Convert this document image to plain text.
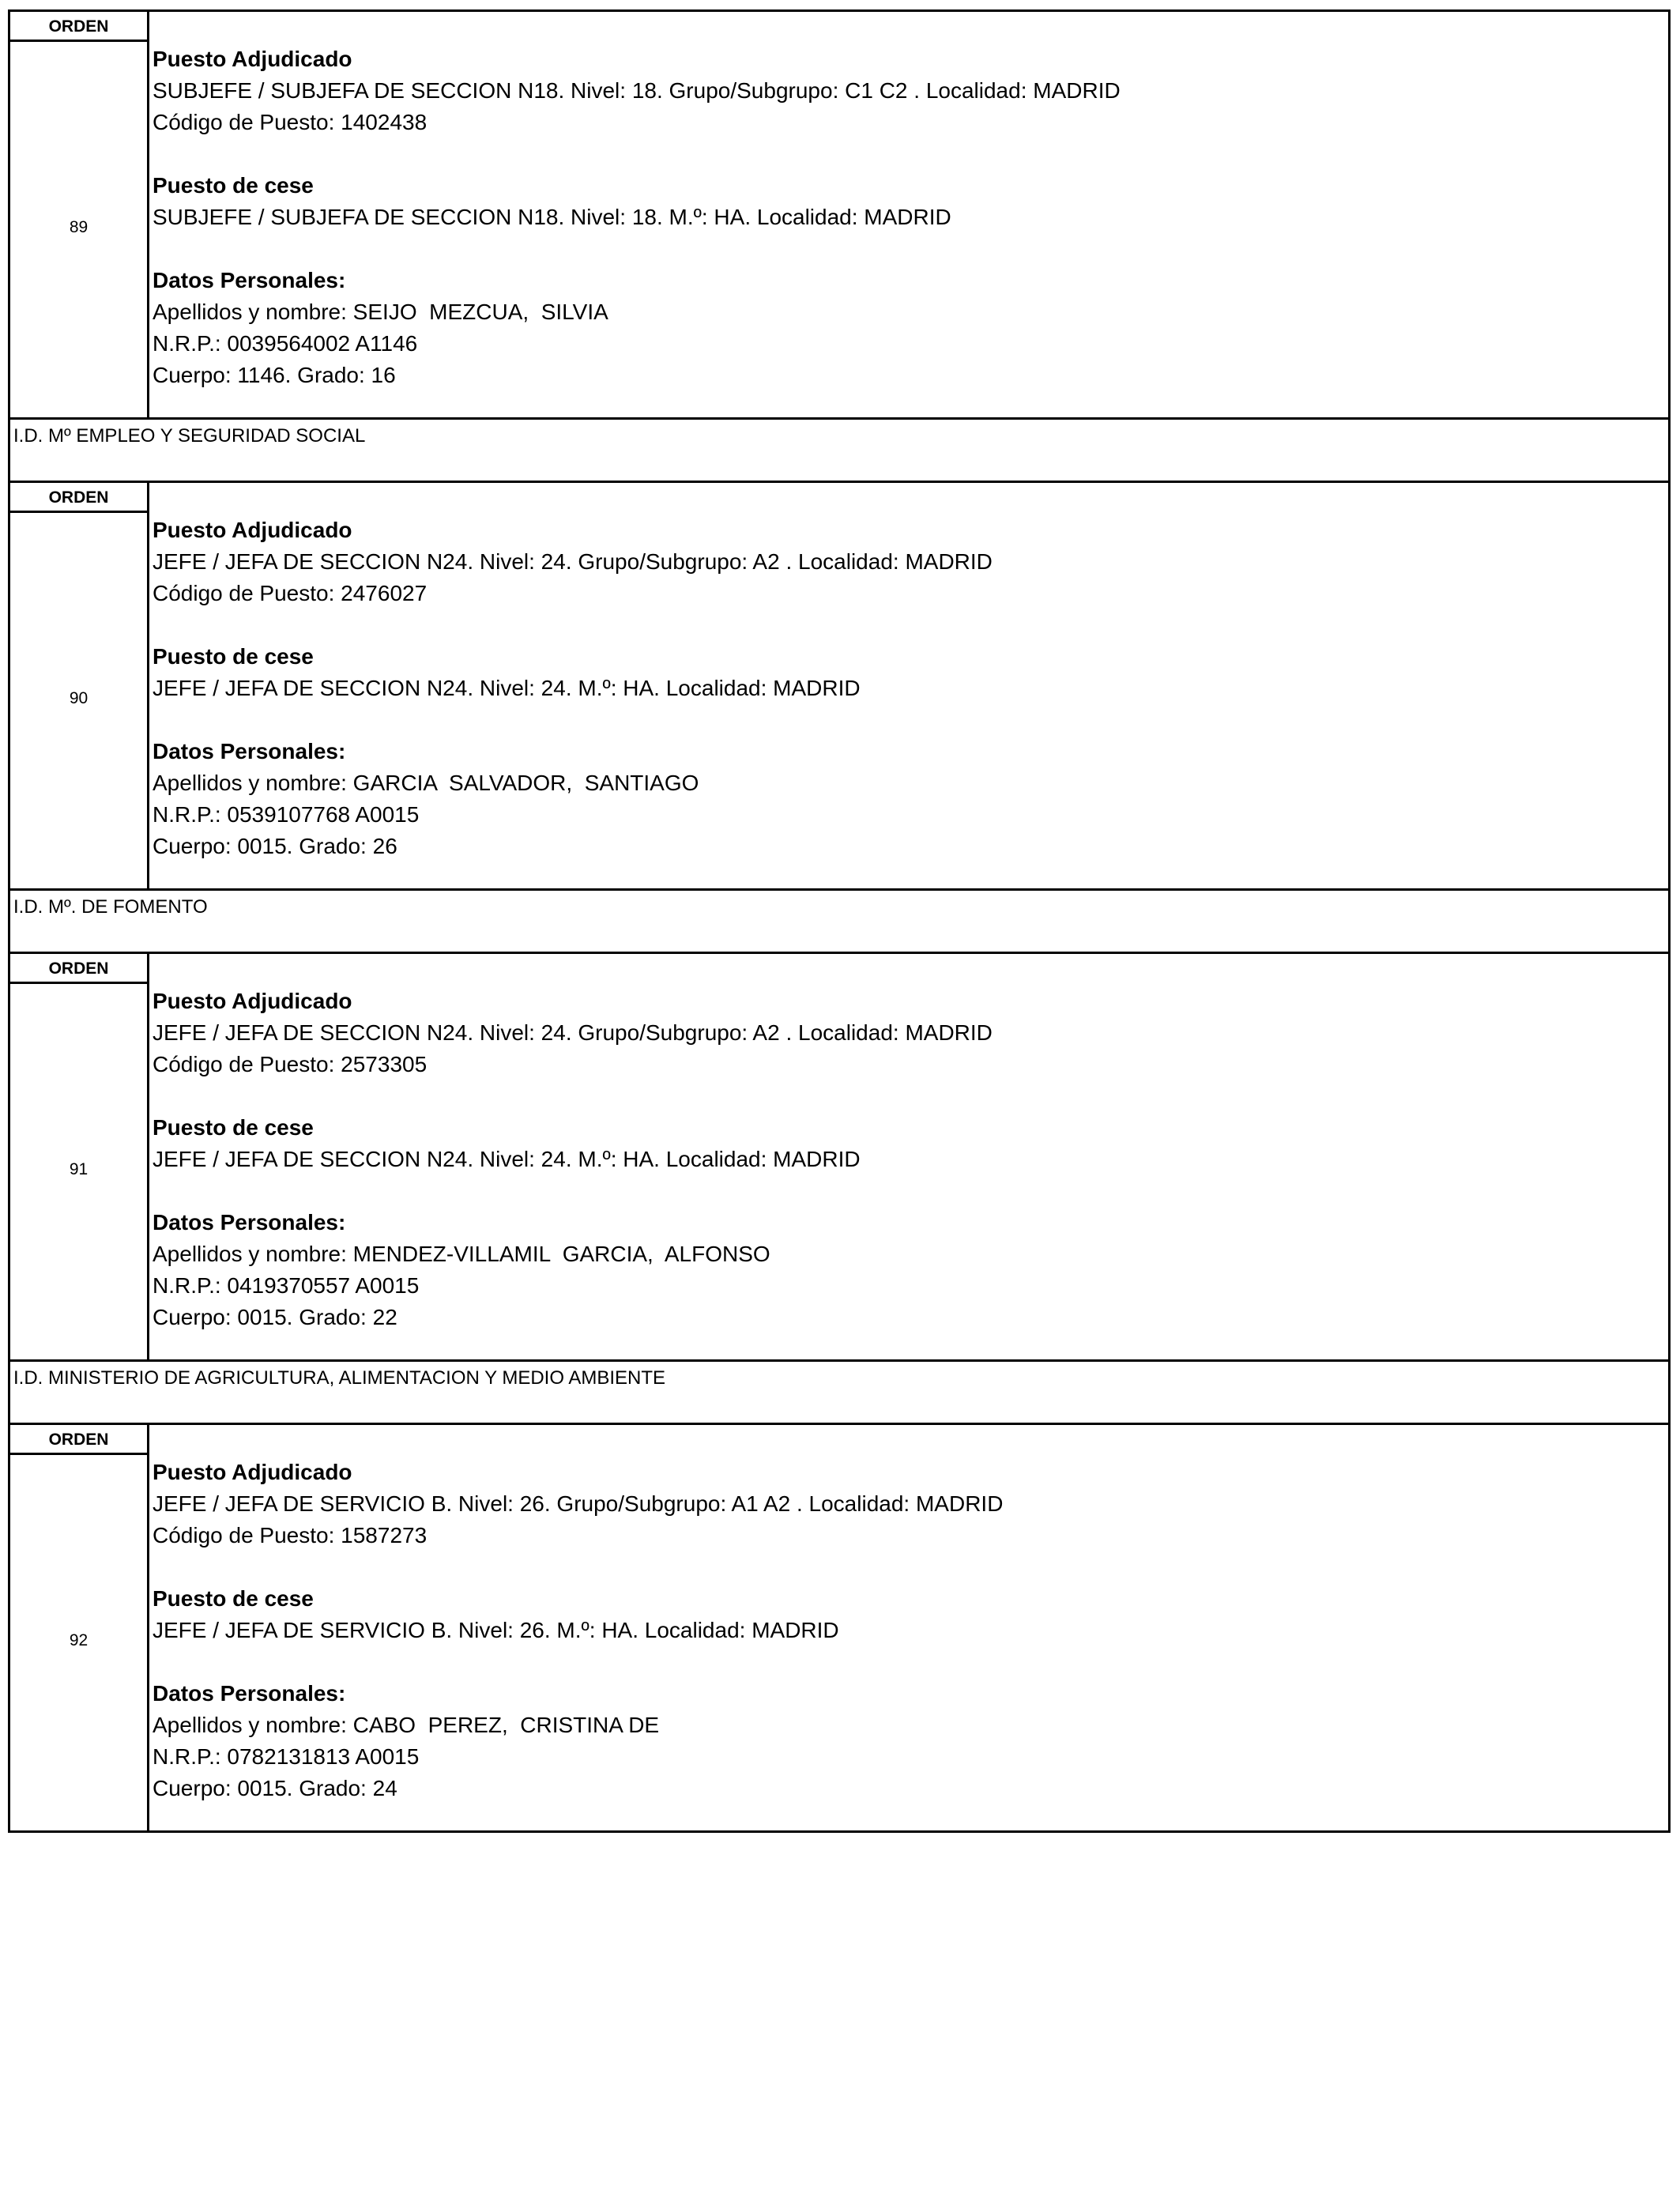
ORDEN
89
Puesto Adjudicado
SUBJEFE / SUBJEFA DE SECCION N18. Nivel: 18. Grupo/Subgrupo: C1 C2 . Localidad: MADRID
Código de Puesto: 1402438
Puesto de cese
SUBJEFE / SUBJEFA DE SECCION N18. Nivel: 18. M.º: HA. Localidad: MADRID
Datos Personales:
Apellidos y nombre: SEIJO  MEZCUA,  SILVIA
N.R.P.: 0039564002 A1146
Cuerpo: 1146. Grado: 16
I.D. Mº EMPLEO Y SEGURIDAD SOCIAL
ORDEN
90
Puesto Adjudicado
JEFE / JEFA DE SECCION N24. Nivel: 24. Grupo/Subgrupo: A2 . Localidad: MADRID
Código de Puesto: 2476027
Puesto de cese
JEFE / JEFA DE SECCION N24. Nivel: 24. M.º: HA. Localidad: MADRID
Datos Personales:
Apellidos y nombre: GARCIA  SALVADOR,  SANTIAGO
N.R.P.: 0539107768 A0015
Cuerpo: 0015. Grado: 26
I.D. Mº. DE FOMENTO
ORDEN
91
Puesto Adjudicado
JEFE / JEFA DE SECCION N24. Nivel: 24. Grupo/Subgrupo: A2 . Localidad: MADRID
Código de Puesto: 2573305
Puesto de cese
JEFE / JEFA DE SECCION N24. Nivel: 24. M.º: HA. Localidad: MADRID
Datos Personales:
Apellidos y nombre: MENDEZ-VILLAMIL  GARCIA,  ALFONSO
N.R.P.: 0419370557 A0015
Cuerpo: 0015. Grado: 22
I.D. MINISTERIO DE AGRICULTURA, ALIMENTACION Y MEDIO AMBIENTE
ORDEN
92
Puesto Adjudicado
JEFE / JEFA DE SERVICIO B. Nivel: 26. Grupo/Subgrupo: A1 A2 . Localidad: MADRID
Código de Puesto: 1587273
Puesto de cese
JEFE / JEFA DE SERVICIO B. Nivel: 26. M.º: HA. Localidad: MADRID
Datos Personales:
Apellidos y nombre: CABO  PEREZ,  CRISTINA DE
N.R.P.: 0782131813 A0015
Cuerpo: 0015. Grado: 24
